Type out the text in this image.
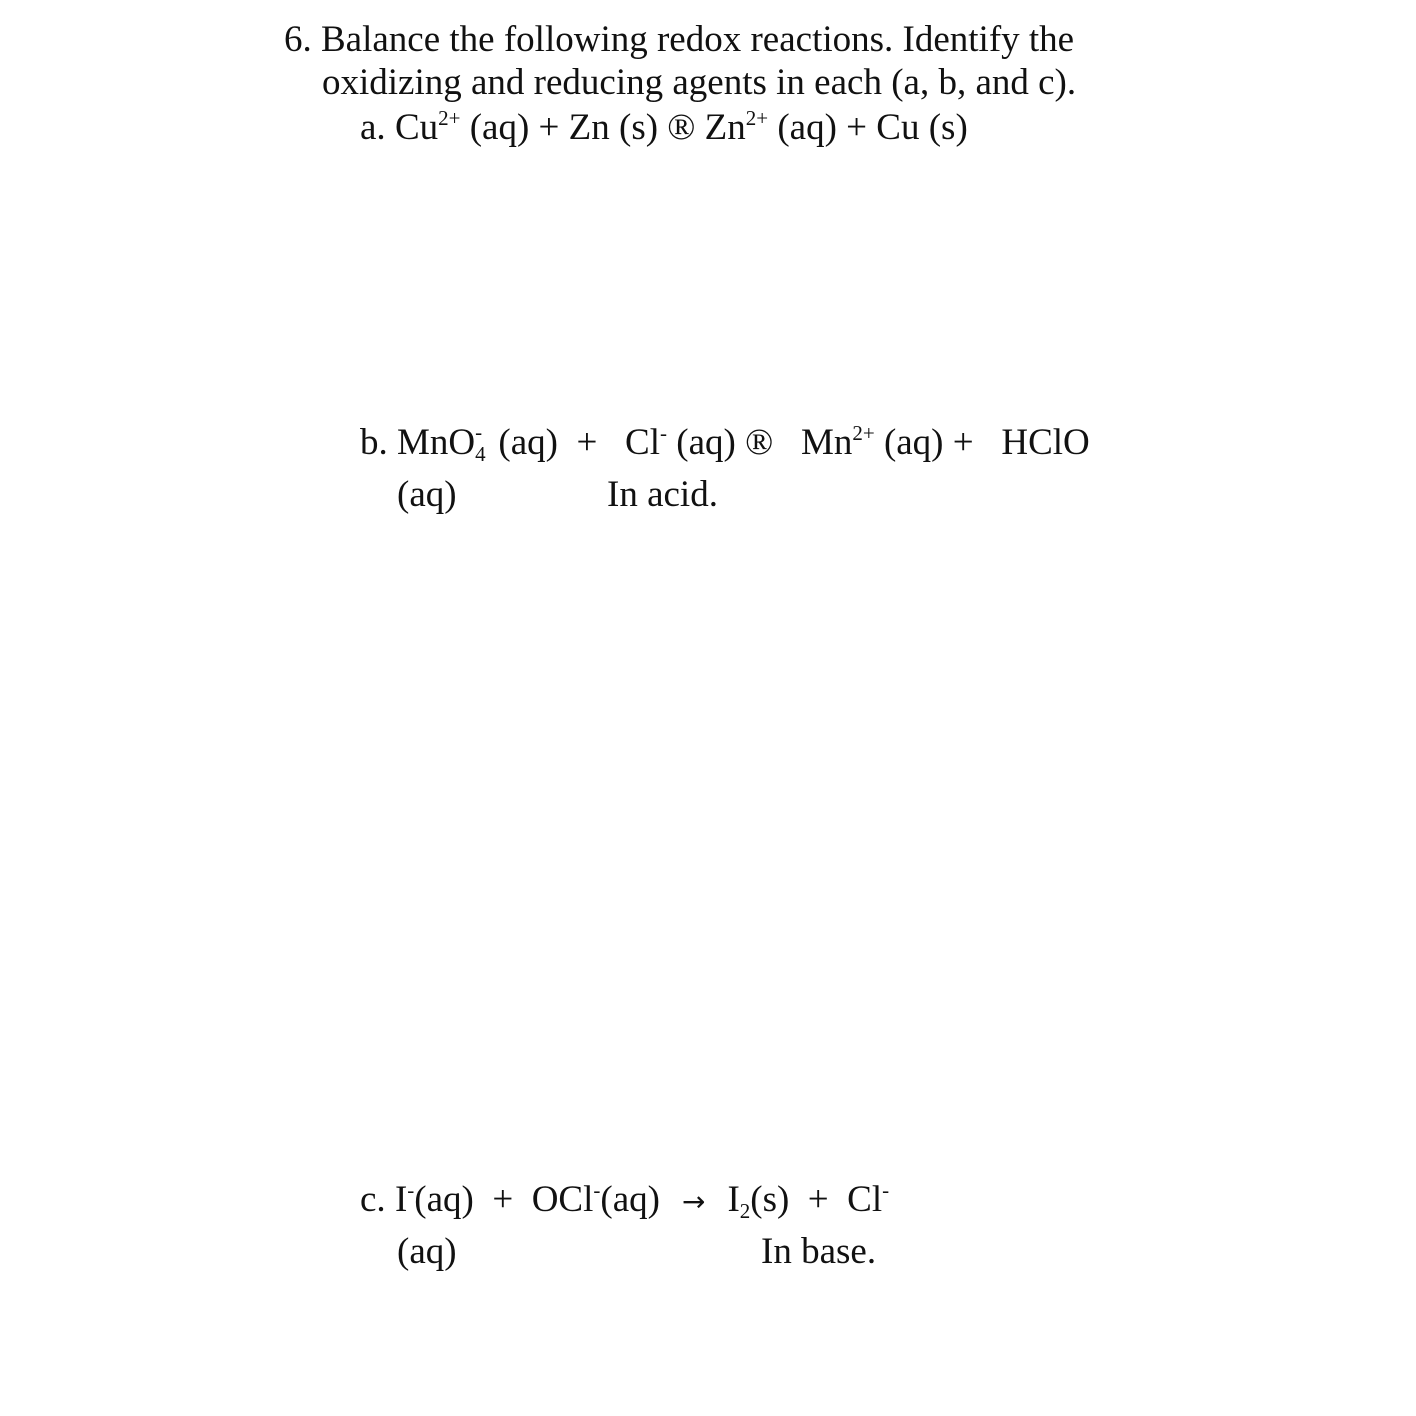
6. Balance the following redox reactions. Identify the
oxidizing and reducing agents in each (a, b, and c).
a. $Cu^{2+}$ (aq) + Zn (s) ® $Zn^{2+}$ (aq) + Cu (s)
b. MnO -
4 (aq)  +   Cl- (aq) ®   $Mn^{2+}$ (aq) +   HClO
(aq)	In acid.
c. $I^-(aq) + OCl^-(aq) \to I_2(s) + Cl^-$
(aq)	In base.
